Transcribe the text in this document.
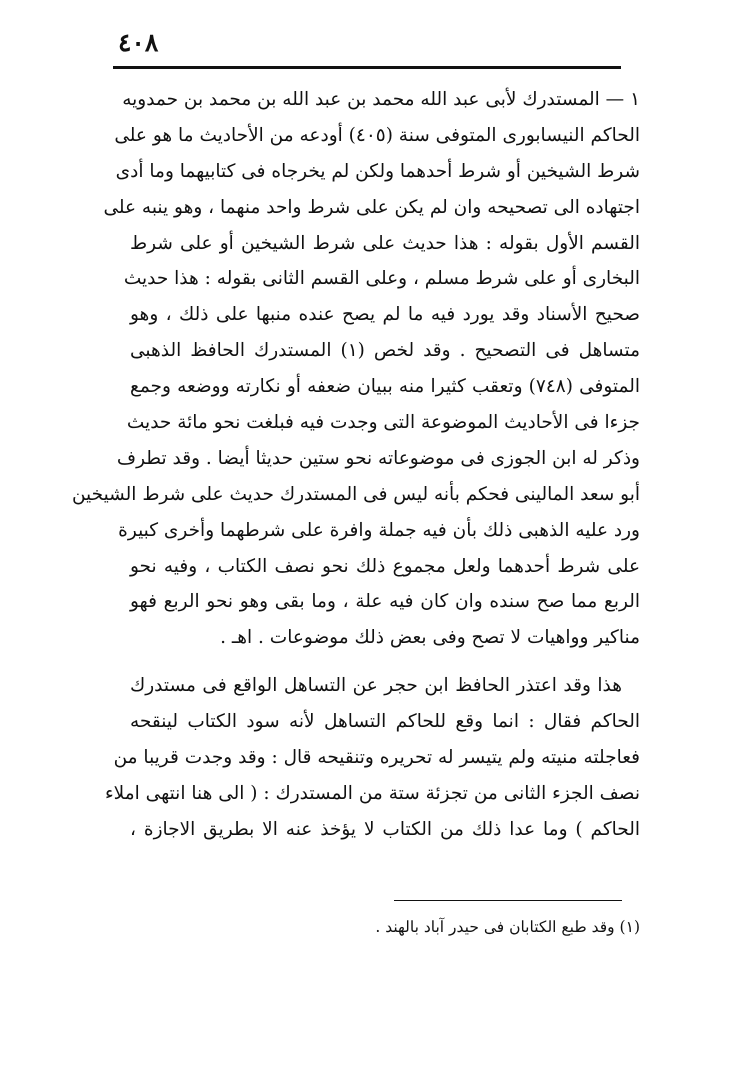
٤٠٨
١ — المستدرك لأبى عبد الله محمد بن عبد الله بن محمد بن حمدويه
الحاكم النيسابورى المتوفى سنة (٤٠٥) أودعه من الأحاديث ما هو على
شرط الشيخين أو شرط أحدهما ولكن لم يخرجاه فى كتابيهما وما أدى
اجتهاده الى تصحيحه وان لم يكن على شرط واحد منهما ، وهو ينبه على
القسم الأول بقوله : هذا حديث على شرط الشيخين أو على شرط
البخارى أو على شرط مسلم ، وعلى القسم الثانى بقوله : هذا حديث
صحيح الأسناد وقد يورد فيه ما لم يصح عنده منبها على ذلك ، وهو
متساهل فى التصحيح . وقد لخص (١) المستدرك الحافظ الذهبى
المتوفى (٧٤٨) وتعقب كثيرا منه ببيان ضعفه أو نكارته ووضعه وجمع
جزءا فى الأحاديث الموضوعة التى وجدت فيه فبلغت نحو مائة حديث
وذكر له ابن الجوزى فى موضوعاته نحو ستين حديثا أيضا . وقد تطرف
أبو سعد المالينى فحكم بأنه ليس فى المستدرك حديث على شرط الشيخين
ورد عليه الذهبى ذلك بأن فيه جملة وافرة على شرطهما وأخرى كبيرة
على شرط أحدهما ولعل مجموع ذلك نحو نصف الكتاب ، وفيه نحو
الربع مما صح سنده وان كان فيه علة ، وما بقى وهو نحو الربع فهو
مناكير وواهيات لا تصح وفى بعض ذلك موضوعات . اهـ .
هذا وقد اعتذر الحافظ ابن حجر عن التساهل الواقع فى مستدرك
الحاكم فقال : انما وقع للحاكم التساهل لأنه سود الكتاب لينقحه
فعاجلته منيته ولم يتيسر له تحريره وتنقيحه قال : وقد وجدت قريبا من
نصف الجزء الثانى من تجزئة ستة من المستدرك : ( الى هنا انتهى املاء
الحاكم ) وما عدا ذلك من الكتاب لا يؤخذ عنه الا بطريق الاجازة ،
(١) وقد طبع الكتابان فى حيدر آباد بالهند .
